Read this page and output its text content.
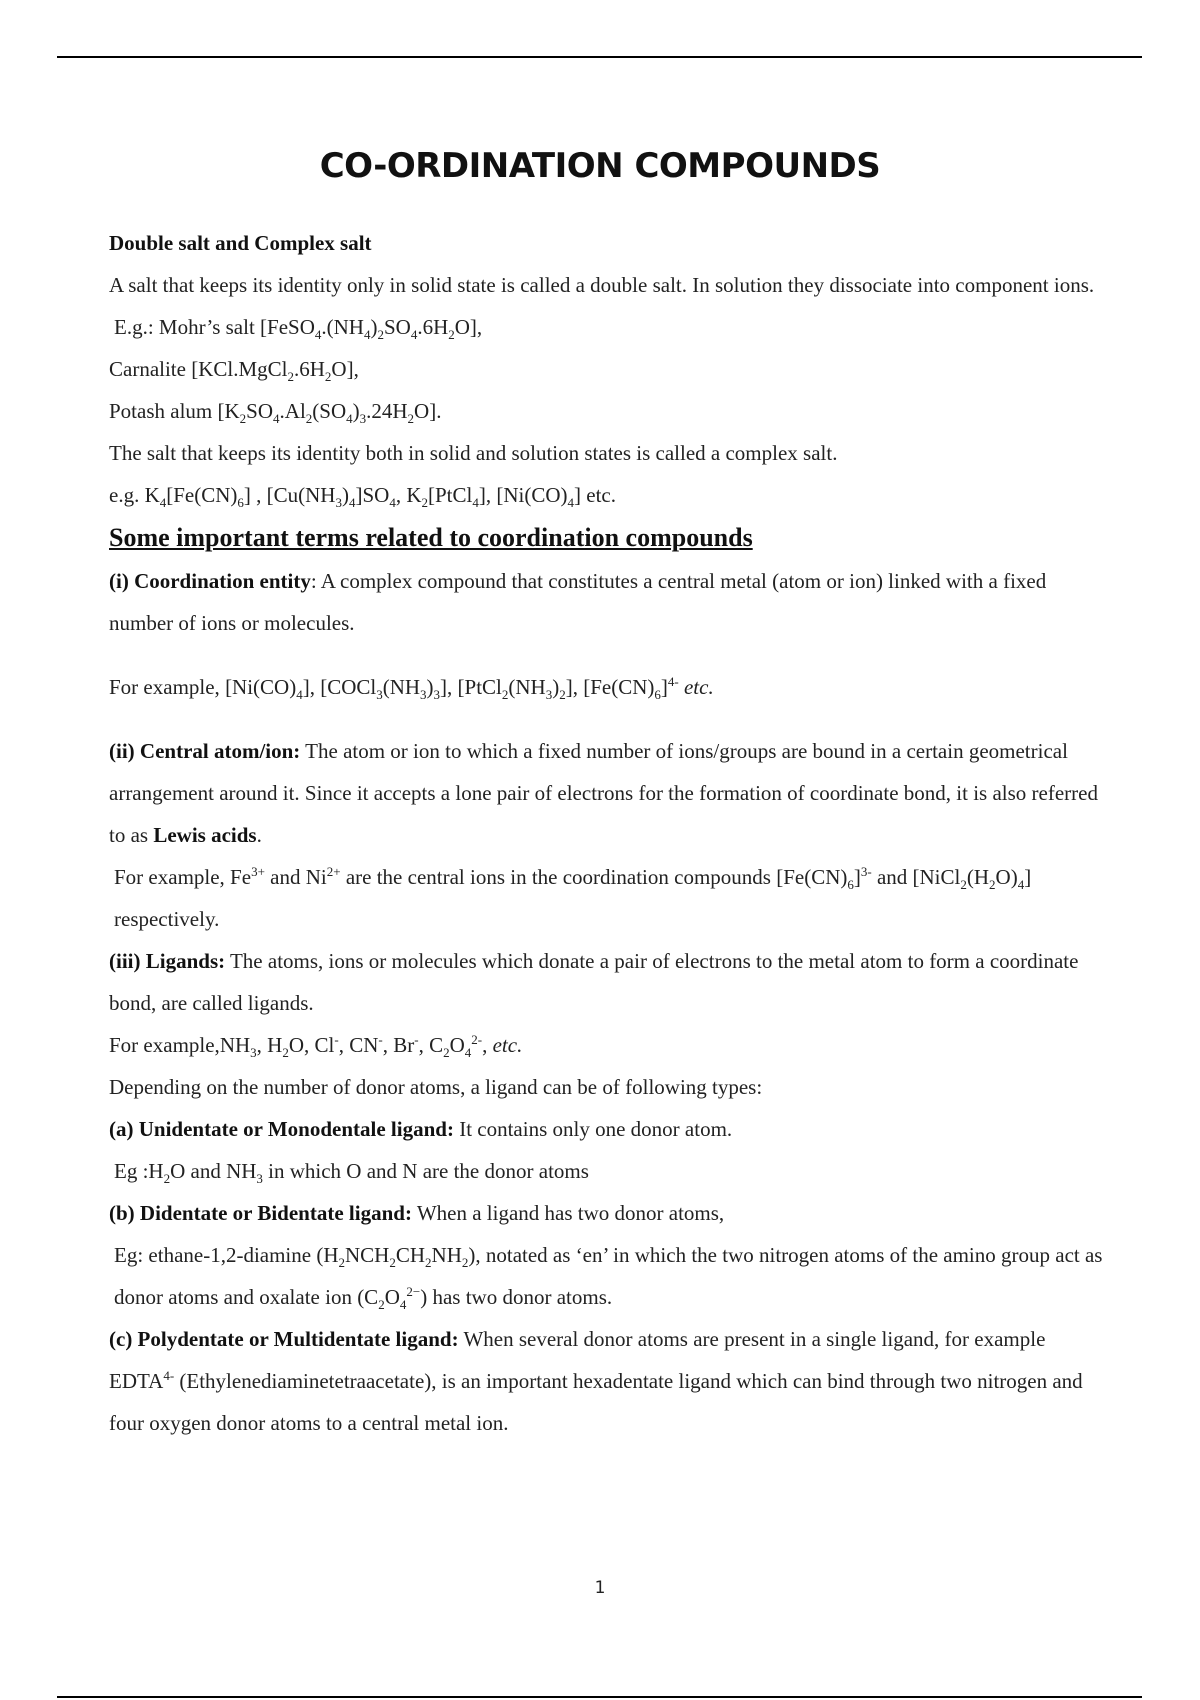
CO-ORDINATION COMPOUNDS

Double salt and Complex salt

A salt that keeps its identity only in solid state is called a double salt. In solution they dissociate into component ions.

E.g.: Mohr’s salt $[FeSO_4.(NH_4)_2SO_4.6H_2O]$,

Carnalite $[KCl.MgCl_2.6H_2O]$,

Potash alum $[K_2SO_4.Al_2(SO_4)_3.24H_2O]$.

The salt that keeps its identity both in solid and solution states is called a complex salt.

e.g. $K_4[Fe(CN)_6]$ , $[Cu(NH_3)_4]SO_4$, $K_2[PtCl_4]$, $[Ni(CO)_4]$ etc.

Some important terms related to coordination compounds

(i) Coordination entity: A complex compound that constitutes a central metal (atom or ion) linked with a fixed number of ions or molecules.

For example, $[Ni(CO)_4]$, $[COCl_3(NH_3)_3]$, $[PtCl_2(NH_3)_2]$, $[Fe(CN)_6]^{4-}$ etc.

(ii) Central atom/ion: The atom or ion to which a fixed number of ions/groups are bound in a certain geometrical arrangement around it. Since it accepts a lone pair of electrons for the formation of coordinate bond, it is also referred to as Lewis acids.

For example, $Fe^{3+}$ and $Ni^{2+}$ are the central ions in the coordination compounds $[Fe(CN)_6]^{3-}$ and $[NiCl_2(H_2O)_4]$ respectively.

(iii) Ligands: The atoms, ions or molecules which donate a pair of electrons to the metal atom to form a coordinate bond, are called ligands.

For $example,NH_3$, $H_2O$, Cl-, CN-, Br-, $C_2O_4^{2-}$, etc.

Depending on the number of donor atoms, a ligand can be of following types:

(a) Unidentate or Monodentale ligand: It contains only one donor atom.

Eg $:H_2O$ and $NH_3$ in which O and N are the donor atoms

(b) Didentate or Bidentate ligand: When a ligand has two donor atoms,

Eg: ethane-1,2-diamine $(H_2NCH_2CH_2NH_2)$, notated as ‘en’ in which the two nitrogen atoms of the amino group act as donor atoms and oxalate ion $(C_2O_4^{2-})$ has two donor atoms.

(c) Polydentate or Multidentate ligand: When several donor atoms are present in a single ligand, for example $EDTA^{4-}$ (Ethylenediaminetetraacetate), is an important hexadentate ligand which can bind through two nitrogen and four oxygen donor atoms to a central metal ion.

1
